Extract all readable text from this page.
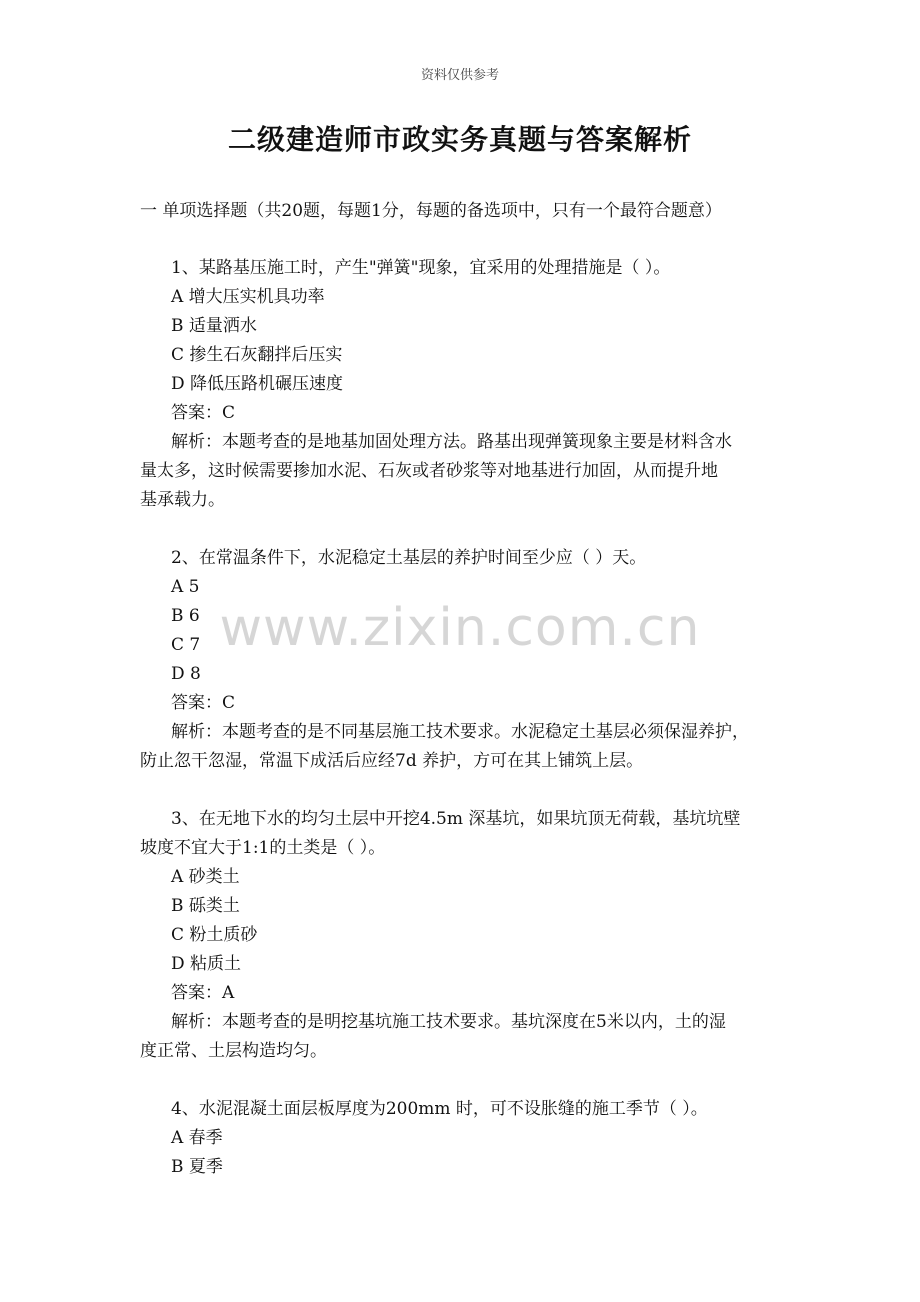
资料仅供参考
二级建造师市政实务真题与答案解析
一 单项选择题（共20题，每题1分，每题的备选项中，只有一个最符合题意）
1、某路基压施工时，产生"弹簧"现象，宜采用的处理措施是（ ）。
A 增大压实机具功率
B 适量洒水
C 掺生石灰翻拌后压实
D 降低压路机碾压速度
答案：C
解析：本题考查的是地基加固处理方法。路基出现弹簧现象主要是材料含水
量太多，这时候需要掺加水泥、石灰或者砂浆等对地基进行加固，从而提升地
基承载力。
2、在常温条件下，水泥稳定土基层的养护时间至少应（ ）天。
A 5
B 6
C 7
D 8
答案：C
解析：本题考查的是不同基层施工技术要求。水泥稳定土基层必须保湿养护，
防止忽干忽湿，常温下成活后应经7d 养护，方可在其上铺筑上层。
3、在无地下水的均匀土层中开挖4.5m 深基坑，如果坑顶无荷载，基坑坑壁
坡度不宜大于1:1的土类是（ ）。
A 砂类土
B 砾类土
C 粉土质砂
D 粘质土
答案：A
解析：本题考查的是明挖基坑施工技术要求。基坑深度在5米以内，土的湿
度正常、土层构造均匀。
4、水泥混凝土面层板厚度为200mm 时，可不设胀缝的施工季节（ ）。
A 春季
B 夏季
www.zixin.com.cn
